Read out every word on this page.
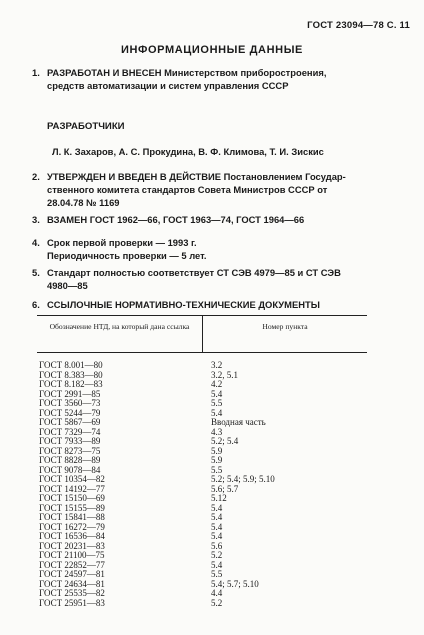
ГОСТ 23094—78 С. 11
ИНФОРМАЦИОННЫЕ ДАННЫЕ
1. РАЗРАБОТАН И ВНЕСЕН Министерством приборостроения,
средств автоматизации и систем управления СССР
РАЗРАБОТЧИКИ
Л. К. Захаров, А. С. Прокудина, В. Ф. Климова, Т. И. Зискис
2. УТВЕРЖДЕН И ВВЕДЕН В ДЕЙСТВИЕ Постановлением Государ-
ственного комитета стандартов Совета Министров СССР от
28.04.78 № 1169
3. ВЗАМЕН ГОСТ 1962—66, ГОСТ 1963—74, ГОСТ 1964—66
4. Срок первой проверки — 1993 г.
Периодичность проверки — 5 лет.
5. Стандарт полностью соответствует СТ СЭВ 4979—85 и СТ СЭВ
4980—85
6. ССЫЛОЧНЫЕ НОРМАТИВНО-ТЕХНИЧЕСКИЕ ДОКУМЕНТЫ
Обозначение НТД, на который дана ссылка	Номер пункта
ГОСТ 8.001—80	3.2
ГОСТ 8.383—80	3.2, 5.1
ГОСТ 8.182—83	4.2
ГОСТ 2991—85	5.4
ГОСТ 3560—73	5.5
ГОСТ 5244—79	5.4
ГОСТ 5867—69	Вводная часть
ГОСТ 7329—74	4.3
ГОСТ 7933—89	5.2; 5.4
ГОСТ 8273—75	5.9
ГОСТ 8828—89	5.9
ГОСТ 9078—84	5.5
ГОСТ 10354—82	5.2; 5.4; 5.9; 5.10
ГОСТ 14192—77	5.6; 5.7
ГОСТ 15150—69	5.12
ГОСТ 15155—89	5.4
ГОСТ 15841—88	5.4
ГОСТ 16272—79	5.4
ГОСТ 16536—84	5.4
ГОСТ 20231—83	5.6
ГОСТ 21100—75	5.2
ГОСТ 22852—77	5.4
ГОСТ 24597—81	5.5
ГОСТ 24634—81	5.4; 5.7; 5.10
ГОСТ 25535—82	4.4
ГОСТ 25951—83	5.2
